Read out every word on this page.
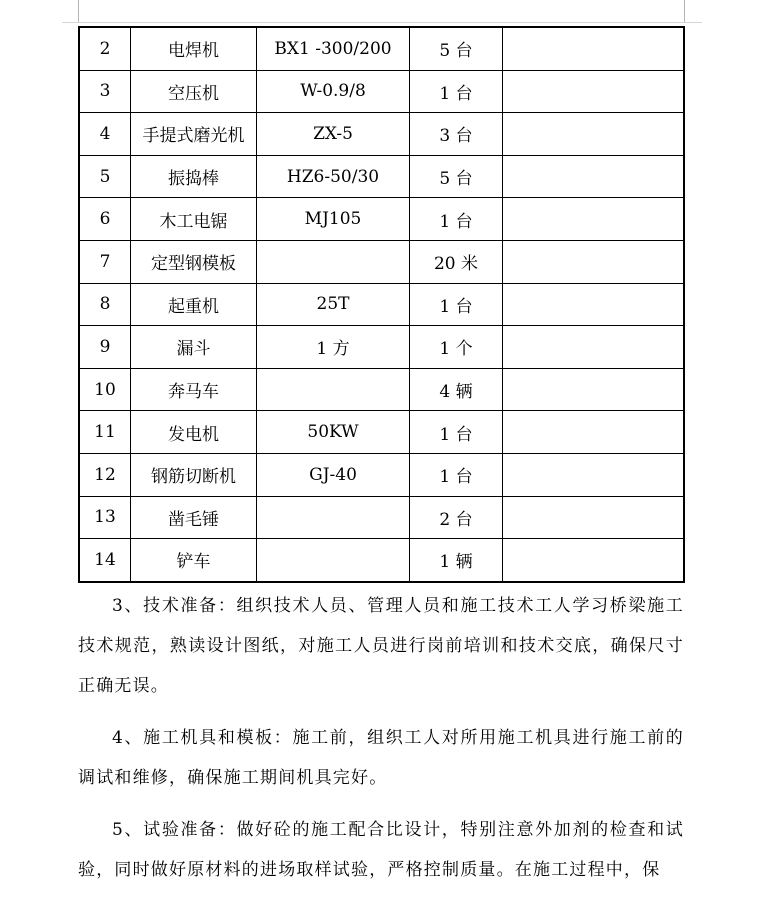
2	电焊机	BX1 -300/200	5 台	
3	空压机	W-0.9/8	1 台	
4	手提式磨光机	ZX-5	3 台	
5	振捣棒	HZ6-50/30	5 台	
6	木工电锯	MJ105	1 台	
7	定型钢模板		20 米	
8	起重机	25T	1 台	
9	漏斗	1 方	1 个	
10	奔马车		4 辆	
11	发电机	50KW	1 台	
12	钢筋切断机	GJ-40	1 台	
13	凿毛锤		2 台	
14	铲车		1 辆	

3、技术准备：组织技术人员、管理人员和施工技术工人学习桥梁施工技术规范，熟读设计图纸，对施工人员进行岗前培训和技术交底，确保尺寸正确无误。

4、施工机具和模板：施工前，组织工人对所用施工机具进行施工前的调试和维修，确保施工期间机具完好。

5、试验准备：做好砼的施工配合比设计，特别注意外加剂的检查和试验，同时做好原材料的进场取样试验，严格控制质量。在施工过程中，保
